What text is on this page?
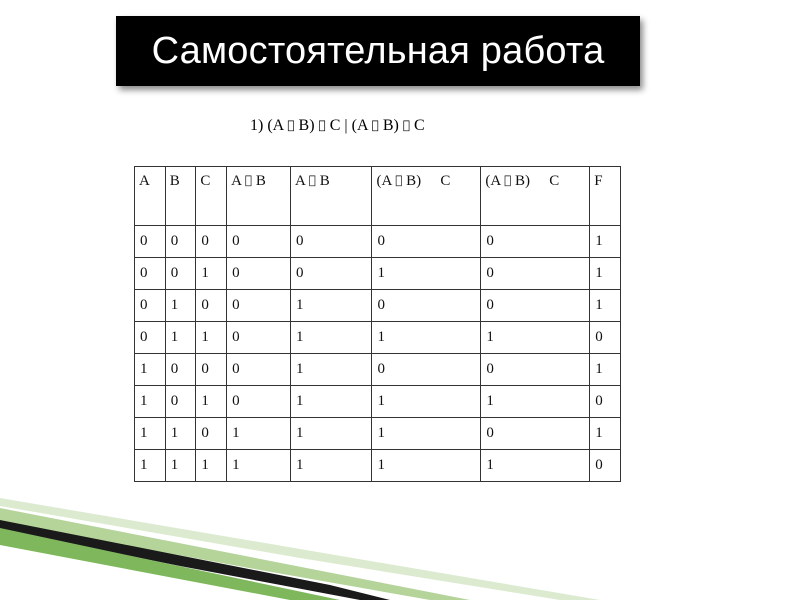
Самостоятельная работа
1) (A B) C | (A B) C
A	B	C	A B	A B	(A B) C	(A B) C	F
0	0	0	0	0	0	0	1
0	0	1	0	0	1	0	1
0	1	0	0	1	0	0	1
0	1	1	0	1	1	1	0
1	0	0	0	1	0	0	1
1	0	1	0	1	1	1	0
1	1	0	1	1	1	0	1
1	1	1	1	1	1	1	0
